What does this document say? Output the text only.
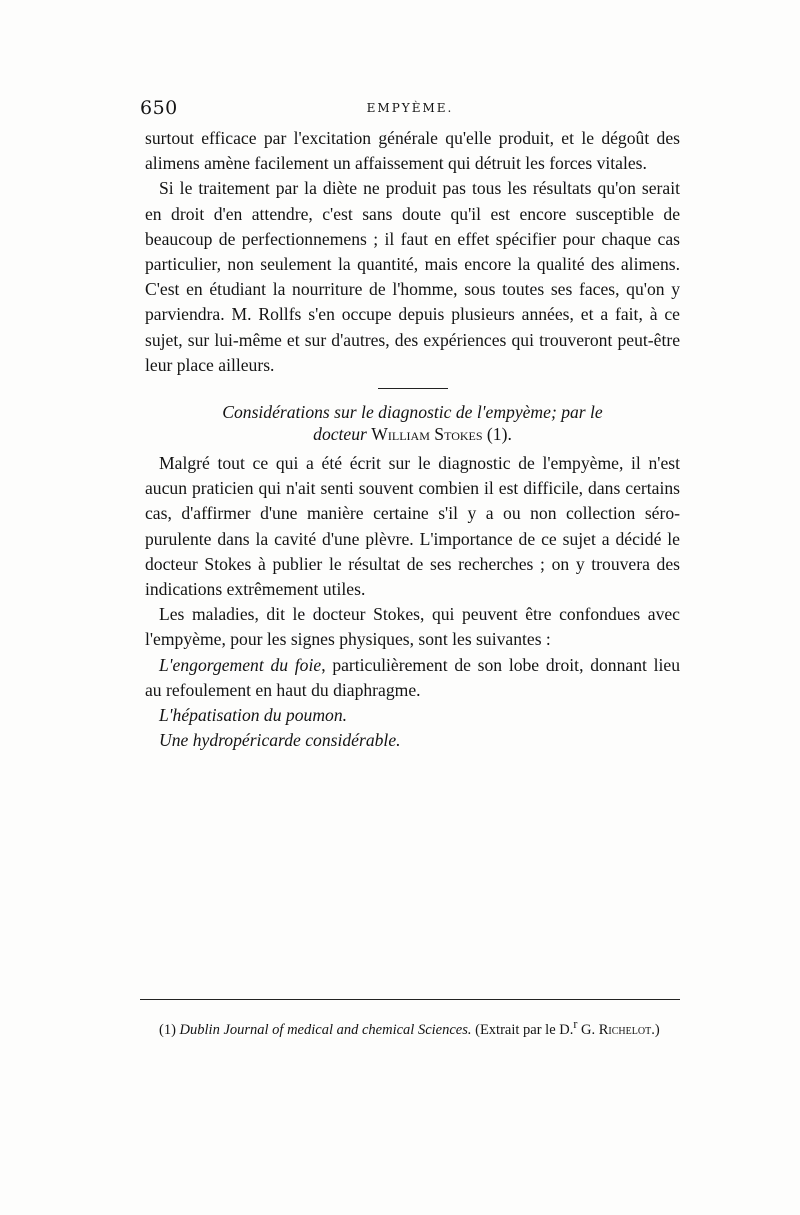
650	EMPYÈME.

surtout efficace par l'excitation générale qu'elle produit, et le dégoût des alimens amène facilement un affaissement qui détruit les forces vitales.

Si le traitement par la diète ne produit pas tous les résultats qu'on serait en droit d'en attendre, c'est sans doute qu'il est encore susceptible de beaucoup de perfectionnemens ; il faut en effet spécifier pour chaque cas particulier, non seulement la quantité, mais encore la qualité des alimens. C'est en étudiant la nourriture de l'homme, sous toutes ses faces, qu'on y parviendra. M. Rollfs s'en occupe depuis plusieurs années, et a fait, à ce sujet, sur lui-même et sur d'autres, des expériences qui trouveront peut-être leur place ailleurs.

Considérations sur le diagnostic de l'empyème; par le
docteur William Stokes (1).

Malgré tout ce qui a été écrit sur le diagnostic de l'empyème, il n'est aucun praticien qui n'ait senti souvent combien il est difficile, dans certains cas, d'affirmer d'une manière certaine s'il y a ou non collection séro-purulente dans la cavité d'une plèvre. L'importance de ce sujet a décidé le docteur Stokes à publier le résultat de ses recherches ; on y trouvera des indications extrêmement utiles.

Les maladies, dit le docteur Stokes, qui peuvent être confondues avec l'empyème, pour les signes physiques, sont les suivantes :

L'engorgement du foie, particulièrement de son lobe droit, donnant lieu au refoulement en haut du diaphragme.

L'hépatisation du poumon.

Une hydropéricarde considérable.

(1) Dublin Journal of medical and chemical Sciences. (Extrait par le D.$^r$ G. Richelot.)
